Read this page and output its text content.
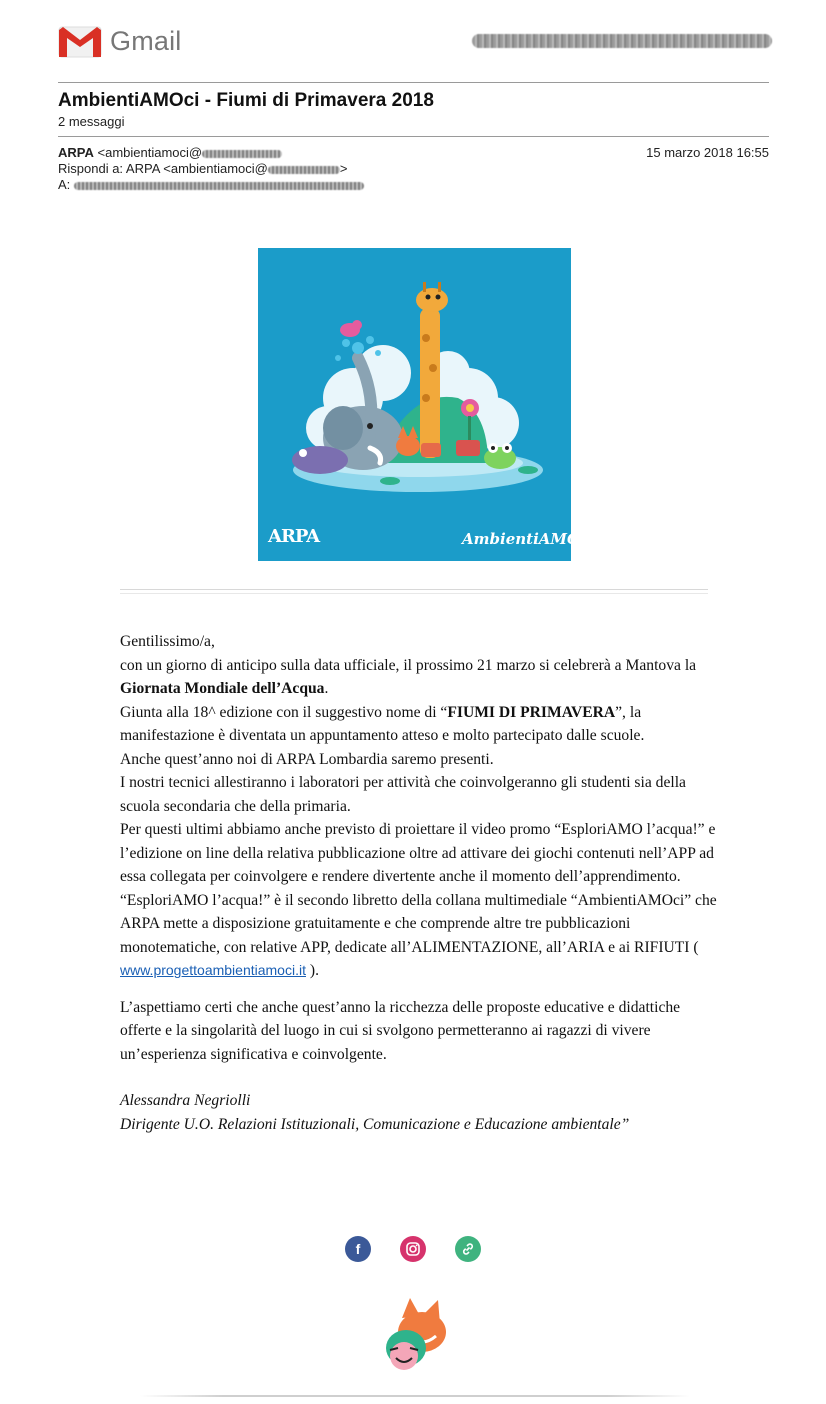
Gmail
AmbientiAMOci - Fiumi di Primavera 2018
2 messaggi
ARPA <ambientiamoci@	15 marzo 2018 16:55
Rispondi a: ARPA <ambientiamoci@	>
A:
ARPA	AmbientiAMOci

Gentilissimo/a,

con un giorno di anticipo sulla data ufficiale, il prossimo 21 marzo si celebrerà a Mantova la Giornata Mondiale dell’Acqua.

Giunta alla 18^ edizione con il suggestivo nome di “FIUMI DI PRIMAVERA”, la manifestazione è diventata un appuntamento atteso e molto partecipato dalle scuole.

Anche quest’anno noi di ARPA Lombardia saremo presenti.

I nostri tecnici allestiranno i laboratori per attività che coinvolgeranno gli studenti sia della scuola secondaria che della primaria.

Per questi ultimi abbiamo anche previsto di proiettare il video promo “EsploriAMO l’acqua!” e l’edizione on line della relativa pubblicazione oltre ad attivare dei giochi contenuti nell’APP ad essa collegata per coinvolgere e rendere divertente anche il momento dell’apprendimento.

“EsploriAMO l’acqua!” è il secondo libretto della collana multimediale “AmbientiAMOci” che ARPA mette a disposizione gratuitamente e che comprende altre tre pubblicazioni monotematiche, con relative APP, dedicate all’ALIMENTAZIONE, all’ARIA e ai RIFIUTI ( www.progettoambientiamoci.it ).

L’aspettiamo certi che anche quest’anno la ricchezza delle proposte educative e didattiche offerte e la singolarità del luogo in cui si svolgono permetteranno ai ragazzi di vivere un’esperienza significativa e coinvolgente.

Alessandra Negriolli

Dirigente U.O. Relazioni Istituzionali, Comunicazione e Educazione ambientale”

f
